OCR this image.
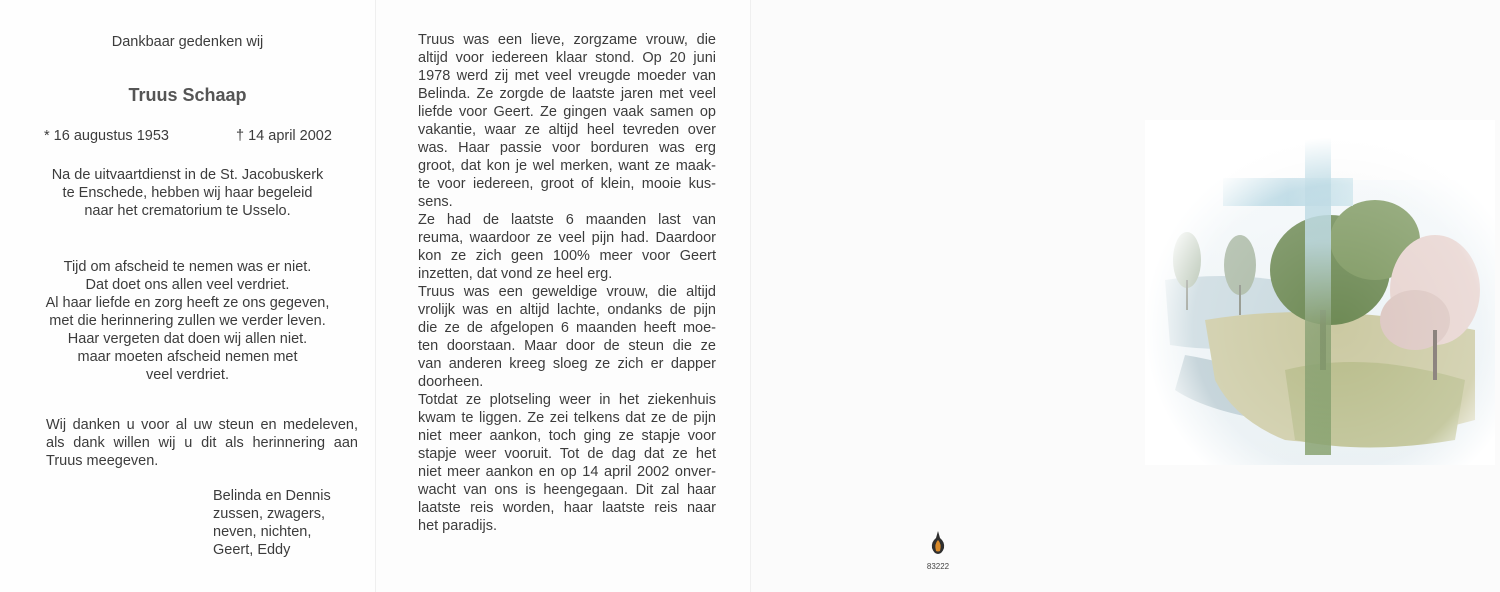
Dankbaar gedenken wij
Truus Schaap
* 16 augustus 1953	† 14 april 2002
Na de uitvaartdienst in de St. Jacobuskerk
te Enschede, hebben wij haar begeleid
naar het crematorium te Usselo.
Tijd om afscheid te nemen was er niet.
Dat doet ons allen veel verdriet.
Al haar liefde en zorg heeft ze ons gegeven,
met die herinnering zullen we verder leven.
Haar vergeten dat doen wij allen niet.
maar moeten afscheid nemen met
veel verdriet.

Wij danken u voor al uw steun en medeleven, als dank willen wij u dit als herinnering aan Truus meegeven.

Belinda en Dennis
zussen, zwagers,
neven, nichten,
Geert, Eddy
Truus was een lieve, zorgzame vrouw, die
altijd voor iedereen klaar stond. Op 20 juni
1978 werd zij met veel vreugde moeder van
Belinda. Ze zorgde de laatste jaren met veel
liefde voor Geert. Ze gingen vaak samen op
vakantie, waar ze altijd heel tevreden over
was. Haar passie voor borduren was erg
groot, dat kon je wel merken, want ze maak-
te voor iedereen, groot of klein, mooie kus-
sens.
Ze had de laatste 6 maanden last van
reuma, waardoor ze veel pijn had. Daardoor
kon ze zich geen 100% meer voor Geert
inzetten, dat vond ze heel erg.
Truus was een geweldige vrouw, die altijd
vrolijk was en altijd lachte, ondanks de pijn
die ze de afgelopen 6 maanden heeft moe-
ten doorstaan. Maar door de steun die ze
van anderen kreeg sloeg ze zich er dapper
doorheen.
Totdat ze plotseling weer in het ziekenhuis
kwam te liggen. Ze zei telkens dat ze de pijn
niet meer aankon, toch ging ze stapje voor
stapje weer vooruit. Tot de dag dat ze het
niet meer aankon en op 14 april 2002 onver-
wacht van ons is heengegaan. Dit zal haar
laatste reis worden, haar laatste reis naar
het paradijs.
83222
